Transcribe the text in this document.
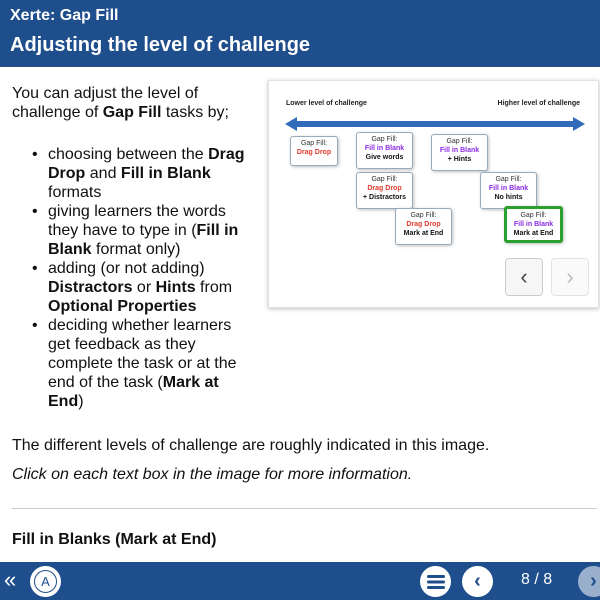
Xerte: Gap Fill
Adjusting the level of challenge

You can adjust the level of challenge of Gap Fill tasks by;

• choosing between the Drag Drop and Fill in Blank formats
• giving learners the words they have to type in (Fill in Blank format only)
• adding (or not adding) Distractors or Hints from Optional Properties
• deciding whether learners get feedback as they complete the task or at the end of the task (Mark at End)
Lower level of challenge	Higher level of challenge
Gap Fill:
Drag Drop
Gap Fill:
Fill in Blank
Give words
Gap Fill:
Fill in Blank
+ Hints
Gap Fill:
Drag Drop
+ Distractors
Gap Fill:
Fill in Blank
No hints
Gap Fill:
Drag Drop
Mark at End
Gap Fill:
Fill in Blank
Mark at End
‹ ›

The different levels of challenge are roughly indicated in this image.

Click on each text box in the image for more information.

Fill in Blanks (Mark at End)
«	A	‹	8 / 8 ›
